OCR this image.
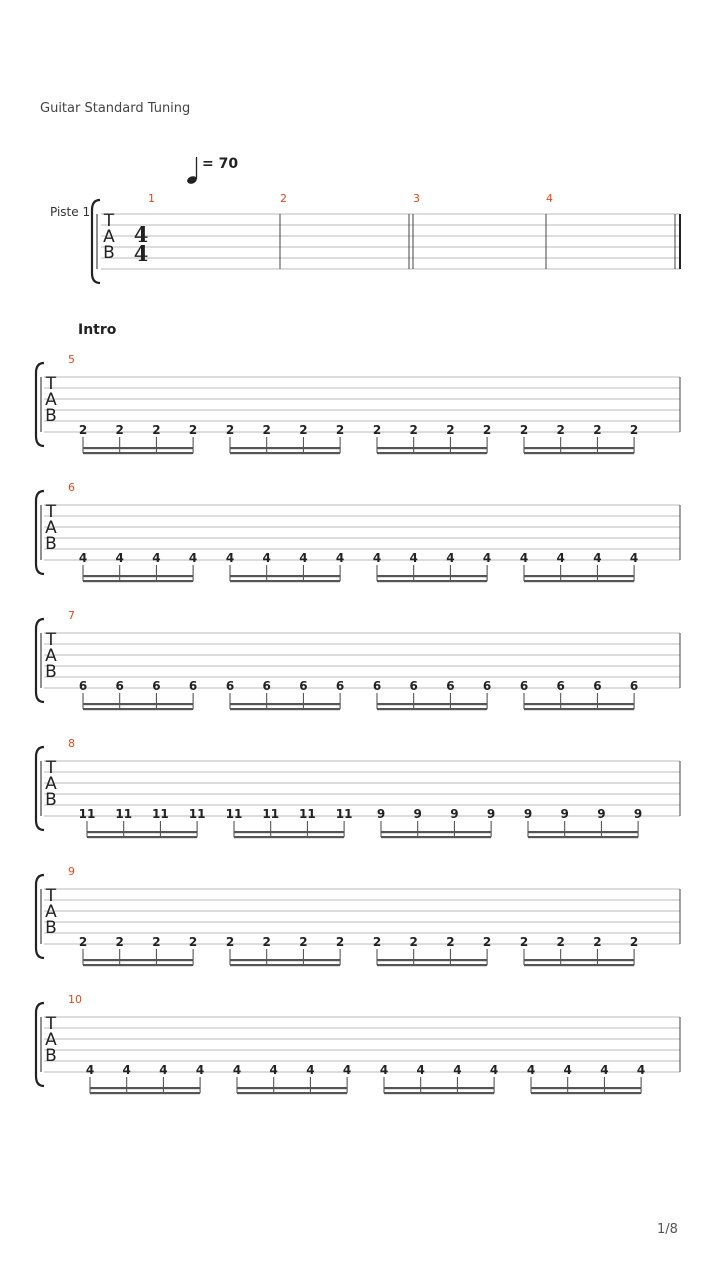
Guitar Standard Tuning
T
A
B
4
4
1	2	3	4
T
A
B
5
2 2 2 2 2 2 2 2 2 2 2 2 2 2 2 2
T
A
B
6
4 4 4 4 4 4 4 4 4 4 4 4 4 4 4 4
T
A
B
7
6 6 6 6 6 6 6 6 6 6 6 6 6 6 6 6
T
A
B
8
11 11 11 11 11 11 11 11 9 9 9 9 9 9 9 9
T
A
B
9
2 2 2 2 2 2 2 2 2 2 2 2 2 2 2 2
T
A
B
10
4 4 4 4 4 4 4 4 4 4 4 4 4 4 4 4
= 70
Piste 1
Intro
1/8
